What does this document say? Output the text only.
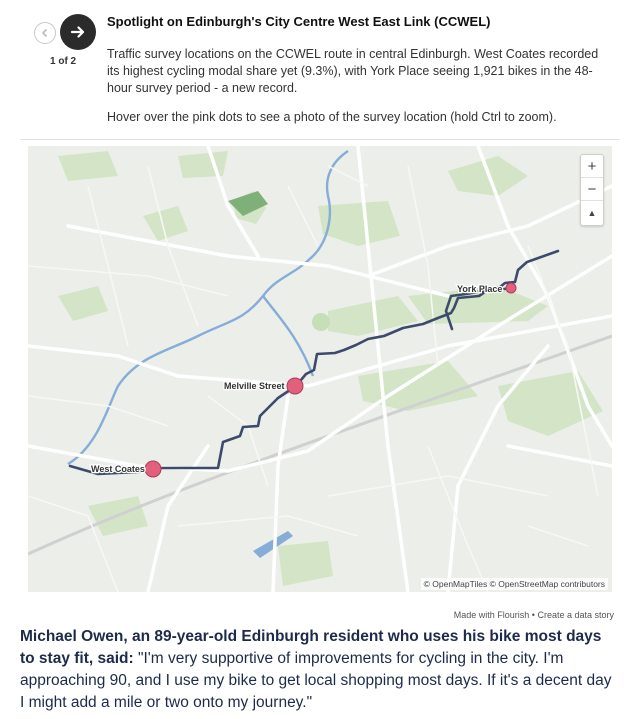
1 of 2
Spotlight on Edinburgh's City Centre West East Link (CCWEL)

Traffic survey locations on the CCWEL route in central Edinburgh. West Coates recorded its highest cycling modal share yet (9.3%), with York Place seeing 1,921 bikes in the 48-hour survey period - a new record.

Hover over the pink dots to see a photo of the survey location (hold Ctrl to zoom).
York Place
Melville Street
West Coates
+
−
▲
© OpenMapTiles © OpenStreetMap contributors
Made with Flourish • Create a data story
Michael Owen, an 89-year-old Edinburgh resident who uses his bike most days to stay fit, said: "I'm very supportive of improvements for cycling in the city. I'm approaching 90, and I use my bike to get local shopping most days. If it's a decent day I might add a mile or two onto my journey."
